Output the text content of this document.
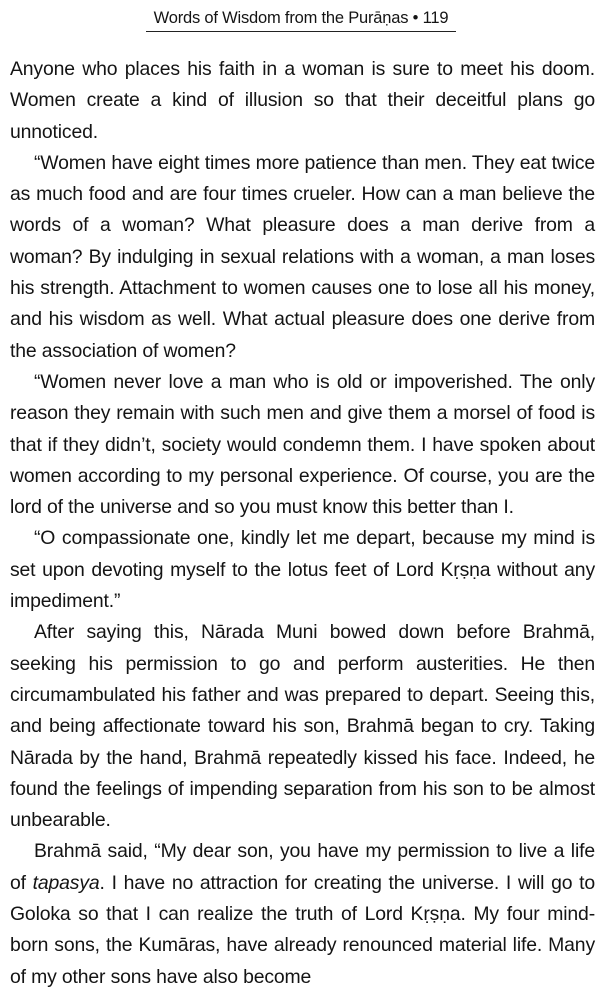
Words of Wisdom from the Purāṇas • 119

Anyone who places his faith in a woman is sure to meet his doom. Women create a kind of illusion so that their deceitful plans go unnoticed.

“Women have eight times more patience than men. They eat twice as much food and are four times crueler. How can a man believe the words of a woman? What pleasure does a man derive from a woman? By indulging in sexual relations with a woman, a man loses his strength. Attachment to women causes one to lose all his money, and his wisdom as well. What actual pleasure does one derive from the association of women?

“Women never love a man who is old or impoverished. The only reason they remain with such men and give them a morsel of food is that if they didn’t, society would condemn them. I have spoken about women according to my personal experience. Of course, you are the lord of the universe and so you must know this better than I.

“O compassionate one, kindly let me depart, because my mind is set upon devoting myself to the lotus feet of Lord Kṛṣṇa without any impediment.”

After saying this, Nārada Muni bowed down before Brahmā, seeking his permission to go and perform austerities. He then circumambulated his father and was prepared to depart. Seeing this, and being affectionate toward his son, Brahmā began to cry. Taking Nārada by the hand, Brahmā repeatedly kissed his face. Indeed, he found the feelings of impending separation from his son to be almost unbearable.

Brahmā said, “My dear son, you have my permission to live a life of tapasya. I have no attraction for creating the universe. I will go to Goloka so that I can realize the truth of Lord Kṛṣṇa. My four mind-born sons, the Kumāras, have already renounced material life. Many of my other sons have also become
